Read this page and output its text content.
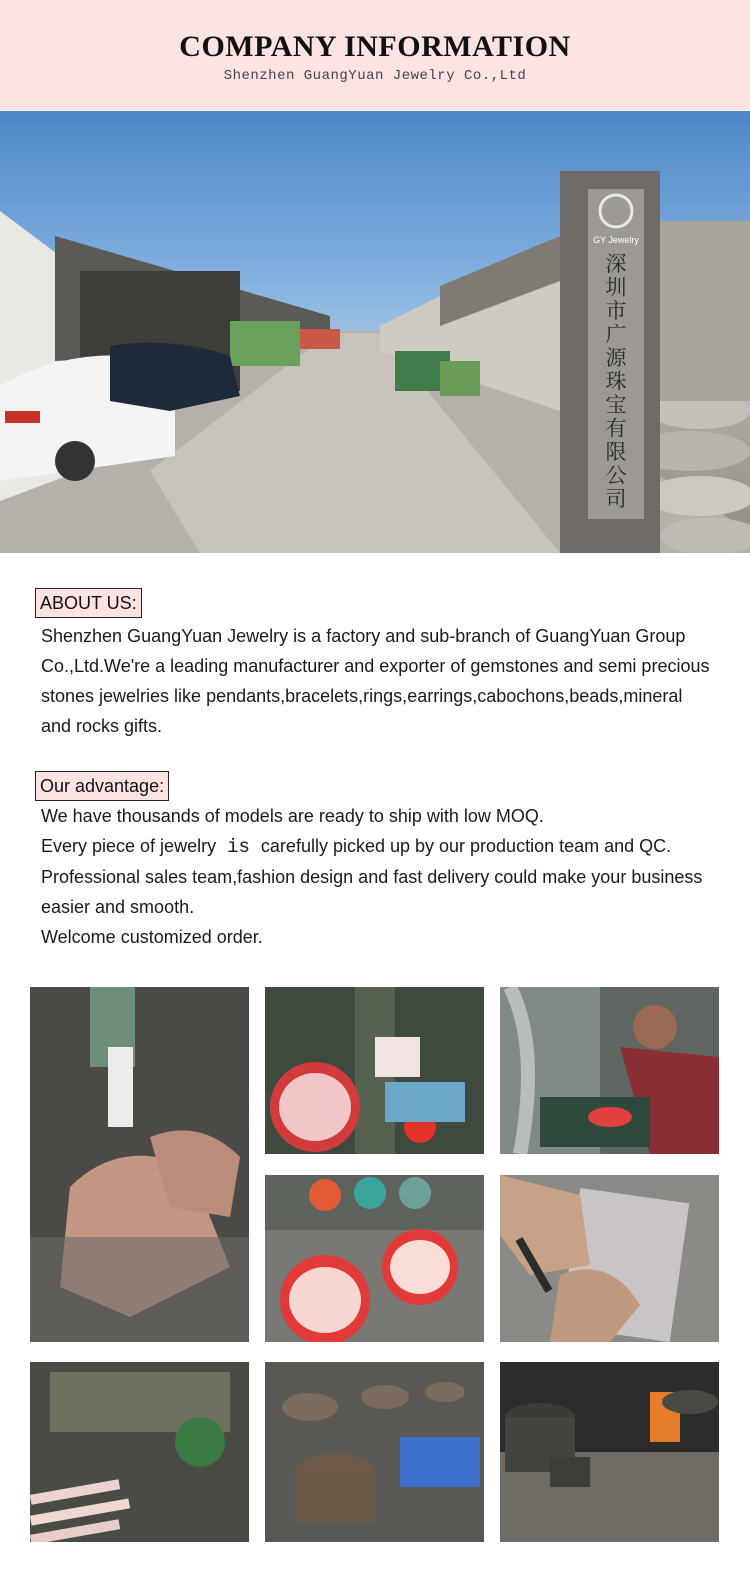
COMPANY INFORMATION
Shenzhen GuangYuan Jewelry Co.,Ltd
GY Jewelry
深
圳
市
广
源
珠
宝
有
限
公
司
ABOUT US:

Shenzhen GuangYuan Jewelry is a factory and sub-branch of GuangYuan Group Co.,Ltd.We're a leading manufacturer and exporter of gemstones and semi precious stones jewelries like pendants,bracelets,rings,earrings,cabochons,beads,mineral and rocks gifts.

Our advantage:

We have thousands of models are ready to ship with low MOQ.

Every piece of jewelry is carefully picked up by our production team and QC.

Professional sales team,fashion design and fast delivery could make your business easier and smooth.

Welcome customized order.
